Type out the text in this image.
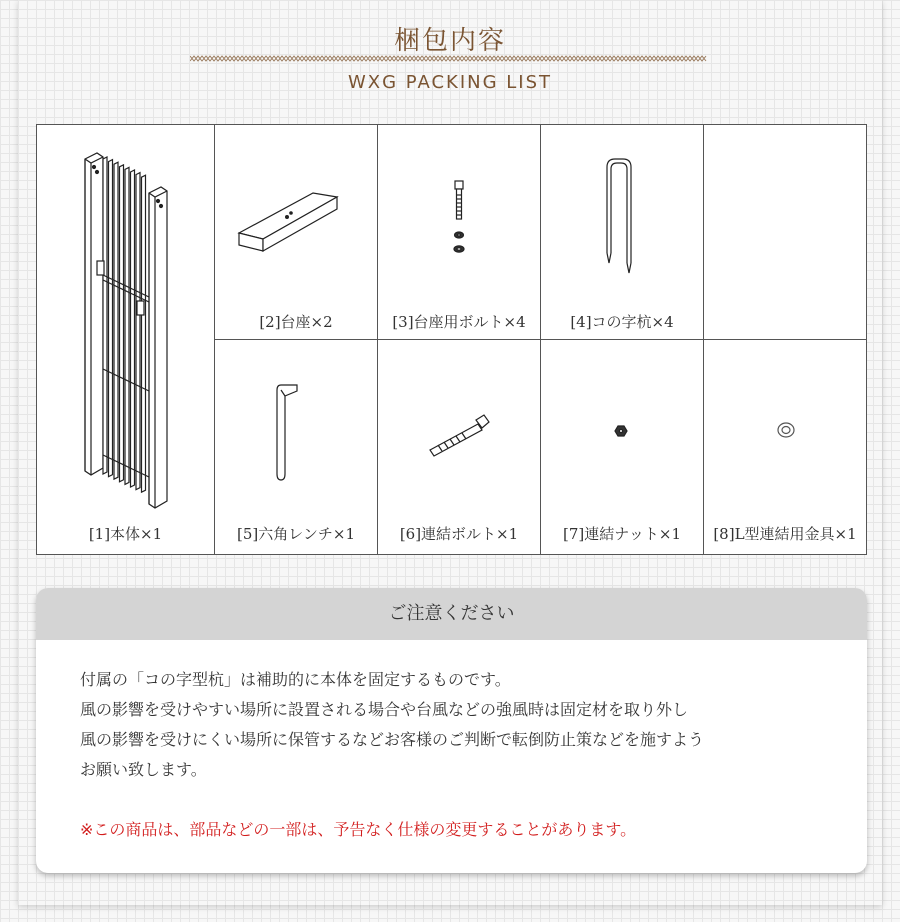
梱包内容
WXG PACKING LIST
[1]本体×1
[2]台座×2	[3]台座用ボルト×4	[4]コの字杭×4
[5]六角レンチ×1	[6]連結ボルト×1	[7]連結ナット×1	[8]L型連結用金具×1
ご注意ください
付属の「コの字型杭」は補助的に本体を固定するものです。
風の影響を受けやすい場所に設置される場合や台風などの強風時は固定材を取り外し
風の影響を受けにくい場所に保管するなどお客様のご判断で転倒防止策などを施すよう
お願い致します。
※この商品は、部品などの一部は、予告なく仕様の変更することがあります。
